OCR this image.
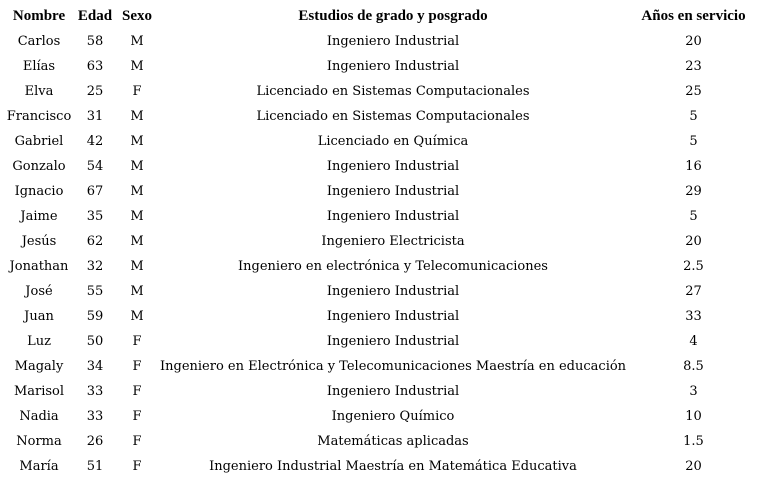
Nombre	Edad	Sexo	Estudios de grado y posgrado	Años en servicio
Carlos	58	M	Ingeniero Industrial	20
Elías	63	M	Ingeniero Industrial	23
Elva	25	F	Licenciado en Sistemas Computacionales	25
Francisco	31	M	Licenciado en Sistemas Computacionales	5
Gabriel	42	M	Licenciado en Química	5
Gonzalo	54	M	Ingeniero Industrial	16
Ignacio	67	M	Ingeniero Industrial	29
Jaime	35	M	Ingeniero Industrial	5
Jesús	62	M	Ingeniero Electricista	20
Jonathan	32	M	Ingeniero en electrónica y Telecomunicaciones	2.5
José	55	M	Ingeniero Industrial	27
Juan	59	M	Ingeniero Industrial	33
Luz	50	F	Ingeniero Industrial	4
Magaly	34	F	Ingeniero en Electrónica y Telecomunicaciones Maestría en educación	8.5
Marisol	33	F	Ingeniero Industrial	3
Nadia	33	F	Ingeniero Químico	10
Norma	26	F	Matemáticas aplicadas	1.5
María	51	F	Ingeniero Industrial Maestría en Matemática Educativa	20
